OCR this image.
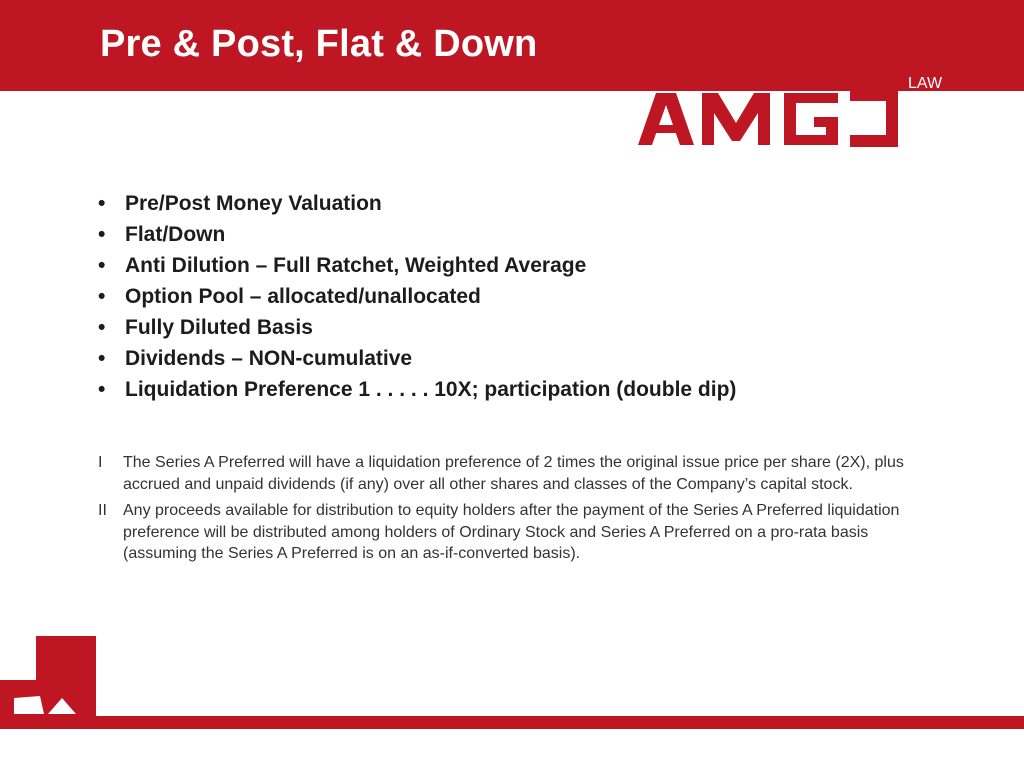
Pre & Post, Flat & Down
LAW
• Pre/Post Money Valuation
• Flat/Down
• Anti Dilution – Full Ratchet, Weighted Average
• Option Pool – allocated/unallocated
• Fully Diluted Basis
• Dividends – NON-cumulative
• Liquidation Preference 1 . . . . . 10X; participation (double dip)
I The Series A Preferred will have a liquidation preference of 2 times the original issue price per share (2X), plus accrued and unpaid dividends (if any) over all other shares and classes of the Company’s capital stock.
II Any proceeds available for distribution to equity holders after the payment of the Series A Preferred liquidation preference will be distributed among holders of Ordinary Stock and Series A Preferred on a pro-rata basis (assuming the Series A Preferred is on an as-if-converted basis).
